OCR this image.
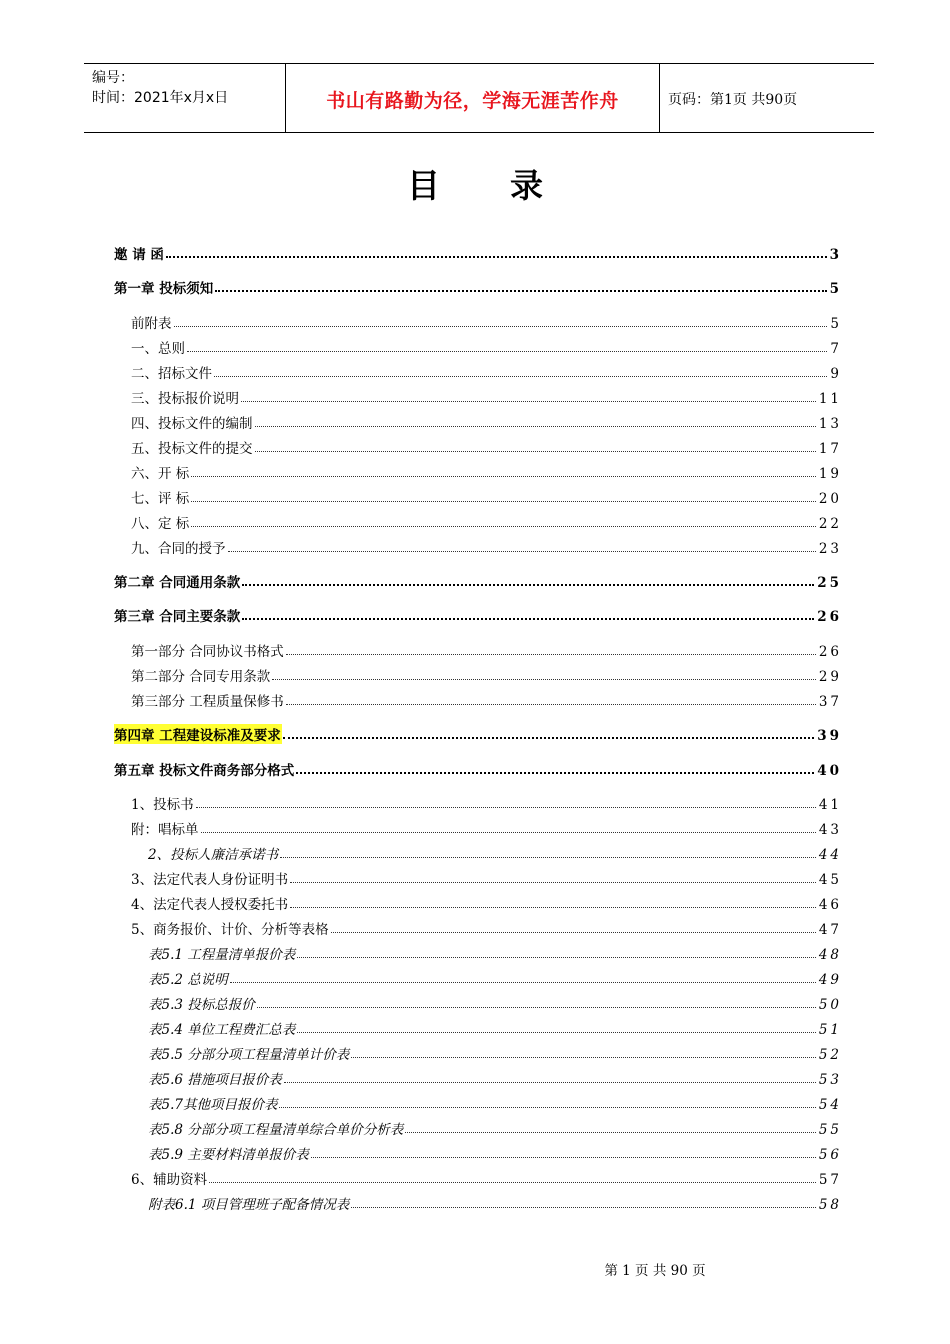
编号：
时间：2021年x月x日	书山有路勤为径，学海无涯苦作舟	页码：第1页 共90页
目 录
邀 请 函	3
第一章 投标须知	5
前附表	5
一、总则	7
二、招标文件	9
三、投标报价说明	11
四、投标文件的编制	13
五、投标文件的提交	17
六、开 标	19
七、评 标	20
八、定 标	22
九、合同的授予	23
第二章 合同通用条款	25
第三章 合同主要条款	26
第一部分 合同协议书格式	26
第二部分 合同专用条款	29
第三部分 工程质量保修书	37
第四章 工程建设标准及要求	39
第五章 投标文件商务部分格式	40
1、投标书	41
附：唱标单	43
2、投标人廉洁承诺书	44
3、法定代表人身份证明书	45
4、法定代表人授权委托书	46
5、商务报价、计价、分析等表格	47
表5.1 工程量清单报价表	48
表5.2 总说明	49
表5.3 投标总报价	50
表5.4 单位工程费汇总表	51
表5.5 分部分项工程量清单计价表	52
表5.6 措施项目报价表	53
表5.7其他项目报价表	54
表5.8 分部分项工程量清单综合单价分析表	55
表5.9 主要材料清单报价表	56
6、辅助资料	57
附表6.1 项目管理班子配备情况表	58
第 1 页 共 90 页
